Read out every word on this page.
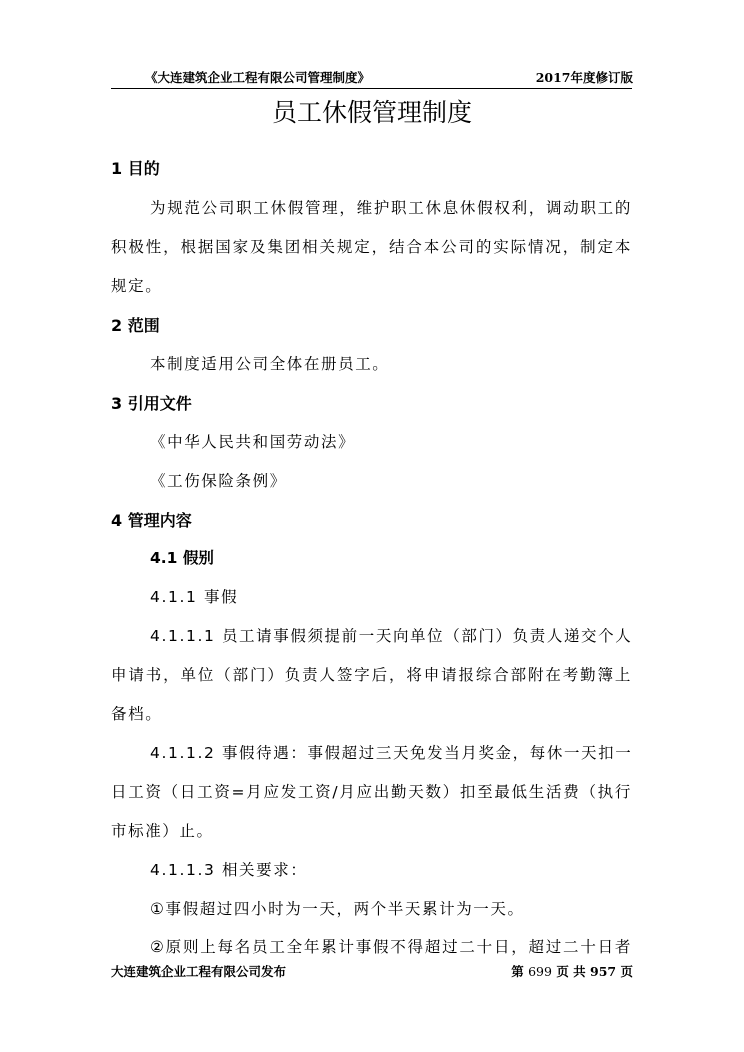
《大连建筑企业工程有限公司管理制度》	2017年度修订版
员工休假管理制度
1 目的
为规范公司职工休假管理，维护职工休息休假权利，调动职工的
积极性，根据国家及集团相关规定，结合本公司的实际情况，制定本
规定。
2 范围
本制度适用公司全体在册员工。
3 引用文件
《中华人民共和国劳动法》
《工伤保险条例》
4 管理内容
4.1 假别
4.1.1 事假
4.1.1.1 员工请事假须提前一天向单位（部门）负责人递交个人
申请书，单位（部门）负责人签字后，将申请报综合部附在考勤簿上
备档。
4.1.1.2 事假待遇：事假超过三天免发当月奖金，每休一天扣一
日工资（日工资=月应发工资/月应出勤天数）扣至最低生活费（执行
市标准）止。
4.1.1.3 相关要求：
①事假超过四小时为一天，两个半天累计为一天。
②原则上每名员工全年累计事假不得超过二十日，超过二十日者
大连建筑企业工程有限公司发布	第 699 页 共 957 页
